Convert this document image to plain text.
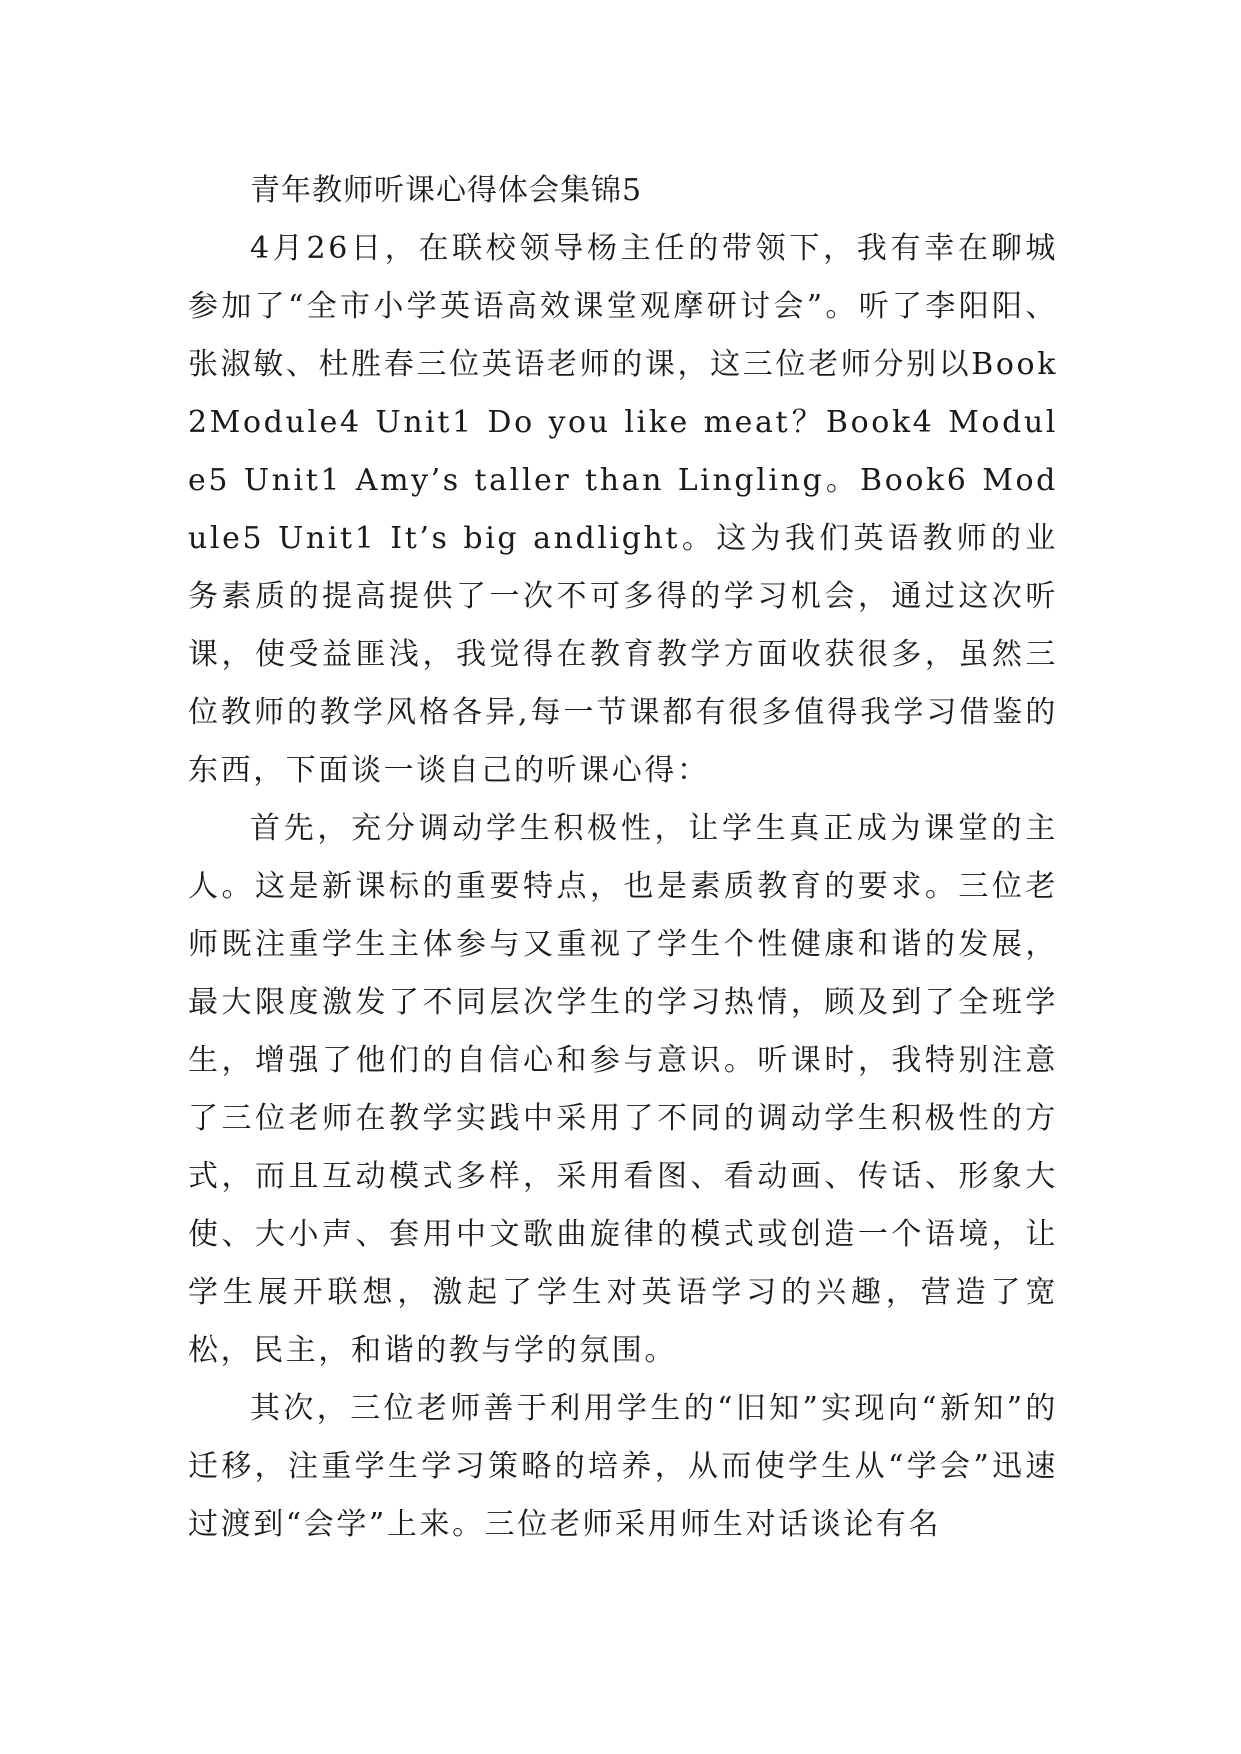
青年教师听课心得体会集锦5

4月26日，在联校领导杨主任的带领下，我有幸在聊城参加了“全市小学英语高效课堂观摩研讨会”。听了李阳阳、张淑敏、杜胜春三位英语老师的课，这三位老师分别以Book2Module4 Unit1 Do you like meat？Book4 Module5 Unit1 Amy’s taller than Lingling。Book6 Module5 Unit1 It’s big andlight。这为我们英语教师的业务素质的提高提供了一次不可多得的学习机会，通过这次听课，使受益匪浅，我觉得在教育教学方面收获很多，虽然三位教师的教学风格各异,每一节课都有很多值得我学习借鉴的东西，下面谈一谈自己的听课心得：

首先，充分调动学生积极性，让学生真正成为课堂的主人。这是新课标的重要特点，也是素质教育的要求。三位老师既注重学生主体参与又重视了学生个性健康和谐的发展，最大限度激发了不同层次学生的学习热情，顾及到了全班学生，增强了他们的自信心和参与意识。听课时，我特别注意了三位老师在教学实践中采用了不同的调动学生积极性的方式，而且互动模式多样，采用看图、看动画、传话、形象大使、大小声、套用中文歌曲旋律的模式或创造一个语境，让学生展开联想，激起了学生对英语学习的兴趣，营造了宽松，民主，和谐的教与学的氛围。

其次，三位老师善于利用学生的“旧知”实现向“新知”的迁移，注重学生学习策略的培养，从而使学生从“学会”迅速过渡到“会学”上来。三位老师采用师生对话谈论有名
